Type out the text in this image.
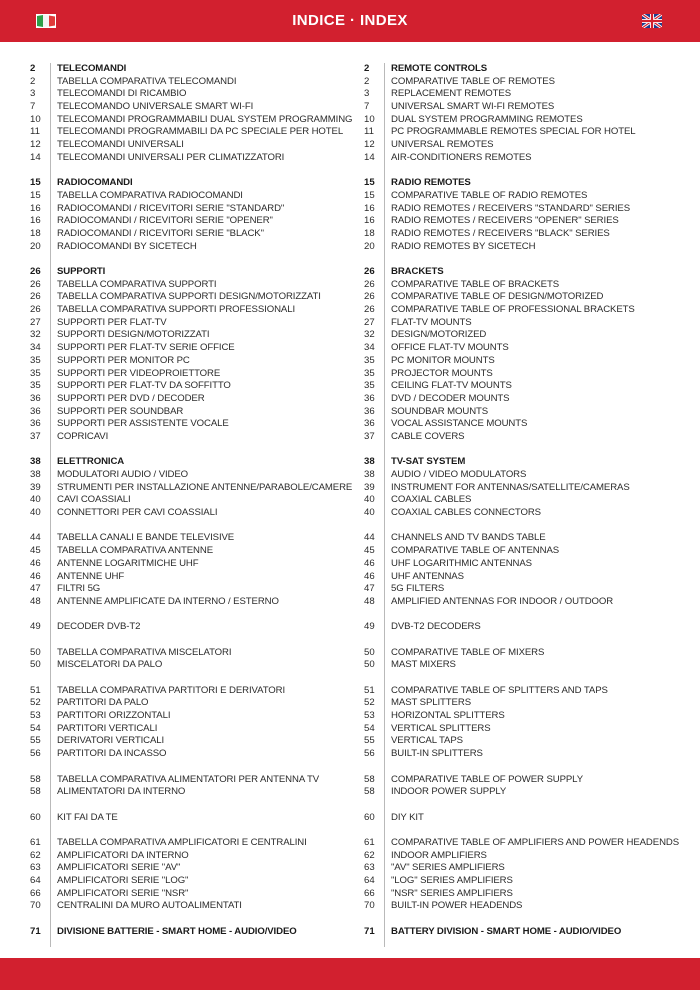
INDICE · INDEX
2	TELECOMANDI
2	TABELLA COMPARATIVA TELECOMANDI
3	TELECOMANDI DI RICAMBIO
7	TELECOMANDO UNIVERSALE SMART WI-FI
10	TELECOMANDI PROGRAMMABILI DUAL SYSTEM PROGRAMMING
11	TELECOMANDI PROGRAMMABILI DA PC SPECIALE PER HOTEL
12	TELECOMANDI UNIVERSALI
14	TELECOMANDI UNIVERSALI PER CLIMATIZZATORI
15	RADIOCOMANDI
15	TABELLA COMPARATIVA RADIOCOMANDI
16	RADIOCOMANDI / RICEVITORI SERIE "STANDARD"
16	RADIOCOMANDI / RICEVITORI SERIE "OPENER"
18	RADIOCOMANDI / RICEVITORI SERIE "BLACK"
20	RADIOCOMANDI BY SICETECH
26	SUPPORTI
26	TABELLA COMPARATIVA SUPPORTI
26	TABELLA COMPARATIVA SUPPORTI DESIGN/MOTORIZZATI
26	TABELLA COMPARATIVA SUPPORTI PROFESSIONALI
27	SUPPORTI PER FLAT-TV
32	SUPPORTI DESIGN/MOTORIZZATI
34	SUPPORTI PER FLAT-TV SERIE OFFICE
35	SUPPORTI PER MONITOR PC
35	SUPPORTI PER VIDEOPROIETTORE
35	SUPPORTI PER FLAT-TV DA SOFFITTO
36	SUPPORTI PER DVD / DECODER
36	SUPPORTI PER SOUNDBAR
36	SUPPORTI PER ASSISTENTE VOCALE
37	COPRICAVI
38	ELETTRONICA
38	MODULATORI AUDIO / VIDEO
39	STRUMENTI PER INSTALLAZIONE ANTENNE/PARABOLE/CAMERE
40	CAVI COASSIALI
40	CONNETTORI PER CAVI COASSIALI
44	TABELLA CANALI E BANDE TELEVISIVE
45	TABELLA COMPARATIVA ANTENNE
46	ANTENNE LOGARITMICHE UHF
46	ANTENNE UHF
47	FILTRI 5G
48	ANTENNE AMPLIFICATE DA INTERNO / ESTERNO
49	DECODER DVB-T2
50	TABELLA COMPARATIVA MISCELATORI
50	MISCELATORI DA PALO
51	TABELLA COMPARATIVA PARTITORI E DERIVATORI
52	PARTITORI DA PALO
53	PARTITORI ORIZZONTALI
54	PARTITORI VERTICALI
55	DERIVATORI VERTICALI
56	PARTITORI DA INCASSO
58	TABELLA COMPARATIVA ALIMENTATORI PER ANTENNA TV
58	ALIMENTATORI DA INTERNO
60	KIT FAI DA TE
61	TABELLA COMPARATIVA AMPLIFICATORI E CENTRALINI
62	AMPLIFICATORI DA INTERNO
63	AMPLIFICATORI SERIE "AV"
64	AMPLIFICATORI SERIE "LOG"
66	AMPLIFICATORI SERIE "NSR"
70	CENTRALINI DA MURO AUTOALIMENTATI
71	DIVISIONE BATTERIE - SMART HOME - AUDIO/VIDEO
2	REMOTE CONTROLS
2	COMPARATIVE TABLE OF REMOTES
3	REPLACEMENT REMOTES
7	UNIVERSAL SMART WI-FI REMOTES
10	DUAL SYSTEM PROGRAMMING REMOTES
11	PC PROGRAMMABLE REMOTES SPECIAL FOR HOTEL
12	UNIVERSAL REMOTES
14	AIR-CONDITIONERS REMOTES
15	RADIO REMOTES
15	COMPARATIVE TABLE OF RADIO REMOTES
16	RADIO REMOTES / RECEIVERS "STANDARD" SERIES
16	RADIO REMOTES / RECEIVERS "OPENER" SERIES
18	RADIO REMOTES / RECEIVERS "BLACK" SERIES
20	RADIO REMOTES BY SICETECH
26	BRACKETS
26	COMPARATIVE TABLE OF BRACKETS
26	COMPARATIVE TABLE OF DESIGN/MOTORIZED
26	COMPARATIVE TABLE OF PROFESSIONAL BRACKETS
27	FLAT-TV MOUNTS
32	DESIGN/MOTORIZED
34	OFFICE FLAT-TV MOUNTS
35	PC MONITOR MOUNTS
35	PROJECTOR MOUNTS
35	CEILING FLAT-TV MOUNTS
36	DVD / DECODER MOUNTS
36	SOUNDBAR MOUNTS
36	VOCAL ASSISTANCE MOUNTS
37	CABLE COVERS
38	TV-SAT SYSTEM
38	AUDIO / VIDEO MODULATORS
39	INSTRUMENT FOR ANTENNAS/SATELLITE/CAMERAS
40	COAXIAL CABLES
40	COAXIAL CABLES CONNECTORS
44	CHANNELS AND TV BANDS TABLE
45	COMPARATIVE TABLE OF ANTENNAS
46	UHF LOGARITHMIC ANTENNAS
46	UHF ANTENNAS
47	5G FILTERS
48	AMPLIFIED ANTENNAS FOR INDOOR / OUTDOOR
49	DVB-T2 DECODERS
50	COMPARATIVE TABLE OF MIXERS
50	MAST MIXERS
51	COMPARATIVE TABLE OF SPLITTERS AND TAPS
52	MAST SPLITTERS
53	HORIZONTAL SPLITTERS
54	VERTICAL SPLITTERS
55	VERTICAL TAPS
56	BUILT-IN SPLITTERS
58	COMPARATIVE TABLE OF POWER SUPPLY
58	INDOOR POWER SUPPLY
60	DIY KIT
61	COMPARATIVE TABLE OF AMPLIFIERS AND POWER HEADENDS
62	INDOOR AMPLIFIERS
63	"AV" SERIES AMPLIFIERS
64	"LOG" SERIES AMPLIFIERS
66	"NSR" SERIES AMPLIFIERS
70	BUILT-IN POWER HEADENDS
71	BATTERY DIVISION - SMART HOME - AUDIO/VIDEO
